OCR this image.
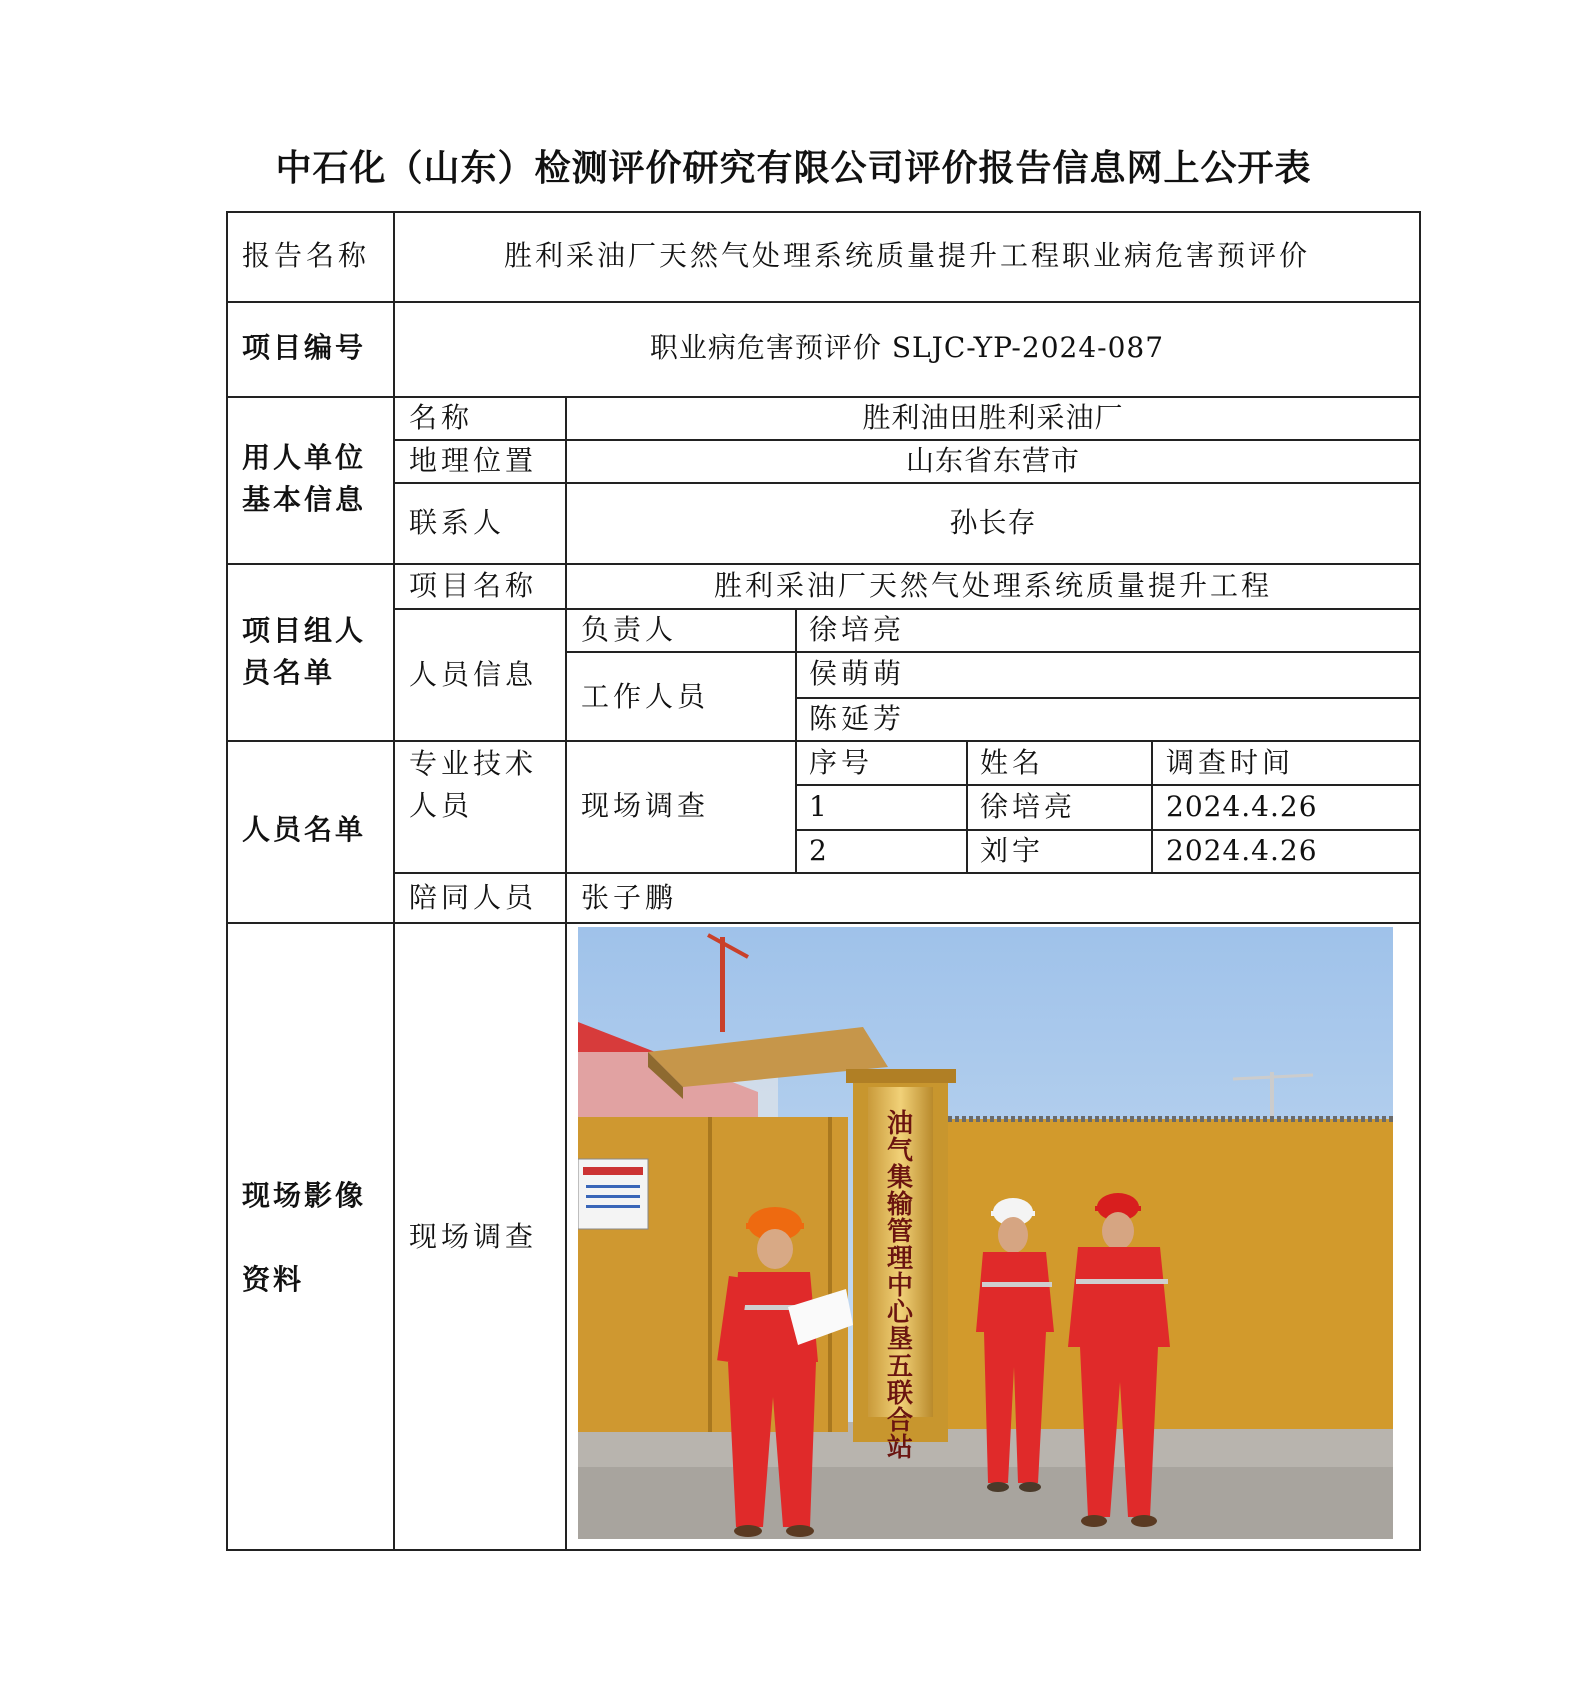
中石化（山东）检测评价研究有限公司评价报告信息网上公开表
报告名称	胜利采油厂天然气处理系统质量提升工程职业病危害预评价
项目编号	职业病危害预评价 SLJC-YP-2024-087
用人单位
基本信息
名称	胜利油田胜利采油厂
地理位置	山东省东营市
联系人	孙长存
项目组人
员名单
项目名称	胜利采油厂天然气处理系统质量提升工程
人员信息
负责人	徐培亮
工作人员
侯萌萌
陈延芳
人员名单
专业技术
人员	现场调查
序号	姓名	调查时间
1	徐培亮	2024.4.26
2	刘宇	2024.4.26
陪同人员 张子鹏
现场影像
资料
现场调查
油气集输管理中心垦五联合站
